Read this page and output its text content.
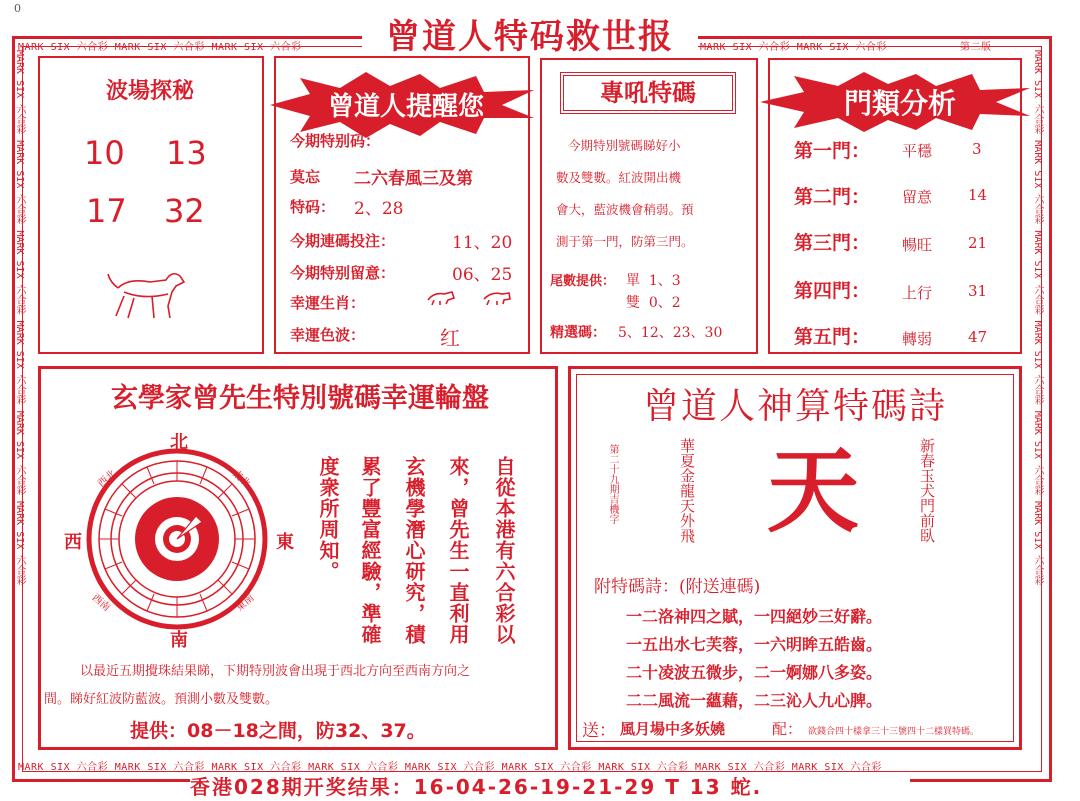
0
MARK SIX 六合彩 MARK SIX 六合彩 MARK SIX 六合彩	MARK SIX 六合彩 MARK SIX 六合彩	第二版
MARK SIX 六合彩 MARK SIX 六合彩 MARK SIX 六合彩 MARK SIX 六合彩 MARK SIX 六合彩 MARK SIX 六合彩 MARK SIX 六合彩 MARK SIX 六合彩 MARK SIX 六合彩
MARK SIX 六合彩 MARK SIX 六合彩 MARK SIX 六合彩 MARK SIX 六合彩 MARK SIX 六合彩 MARK SIX 六合彩
MARK SIX 六合彩 MARK SIX 六合彩 MARK SIX 六合彩 MARK SIX 六合彩 MARK SIX 六合彩 MARK SIX 六合彩
曾道人特码救世报
波場探秘
10 13
17 32
曾道人提醒您
今期特别码：
莫忘 二六春風三及第
特码： 2、28
今期連碼投注：	11、20
今期特别留意：	06、25
幸運生肖：
幸運色波：	红
專吼特碼
今期特別號碼睇好小
數及雙數。紅波開出機
會大，藍波機會稍弱。預
測于第一門，防第三門。
尾數提供： 單  1、3
雙  0、2
精選碼： 5、12、23、30
門類分析
第一門： 平穩	3
第二門： 留意 14
第三門： 暢旺 21
第四門： 上行 31
第五門： 轉弱 47
玄學家曾先生特別號碼幸運輪盤
北
南
西	東
西北	東北
西南	東南	自從本港有六合彩以
來，曾先生一直利用
玄機學潛心研究，積
累了豐富經驗，準確
度衆所周知。
以最近五期攪珠結果睇，下期特別波會出現于西北方向至西南方向之
間。睇好紅波防藍波。預測小數及雙數。
提供：08－18之間，防32、37。
曾道人神算特碼詩
第二十九期吉機字	華夏金龍天外飛 天	新春玉犬門前臥
附特碼詩：(附送連碼)
一二洛神四之賦，一四絕妙三好辭。
一五出水七芙蓉，一六明眸五皓齒。
二十凌波五微步，二一婀娜八多姿。
二二風流一蘊藉，二三沁人九心脾。
送： 風月場中多妖嬈	配： 欲錢合四十樣拿三十三號四十二樣買特碼。
香港028期开奖结果：16-04-26-19-21-29 T 13 蛇.
